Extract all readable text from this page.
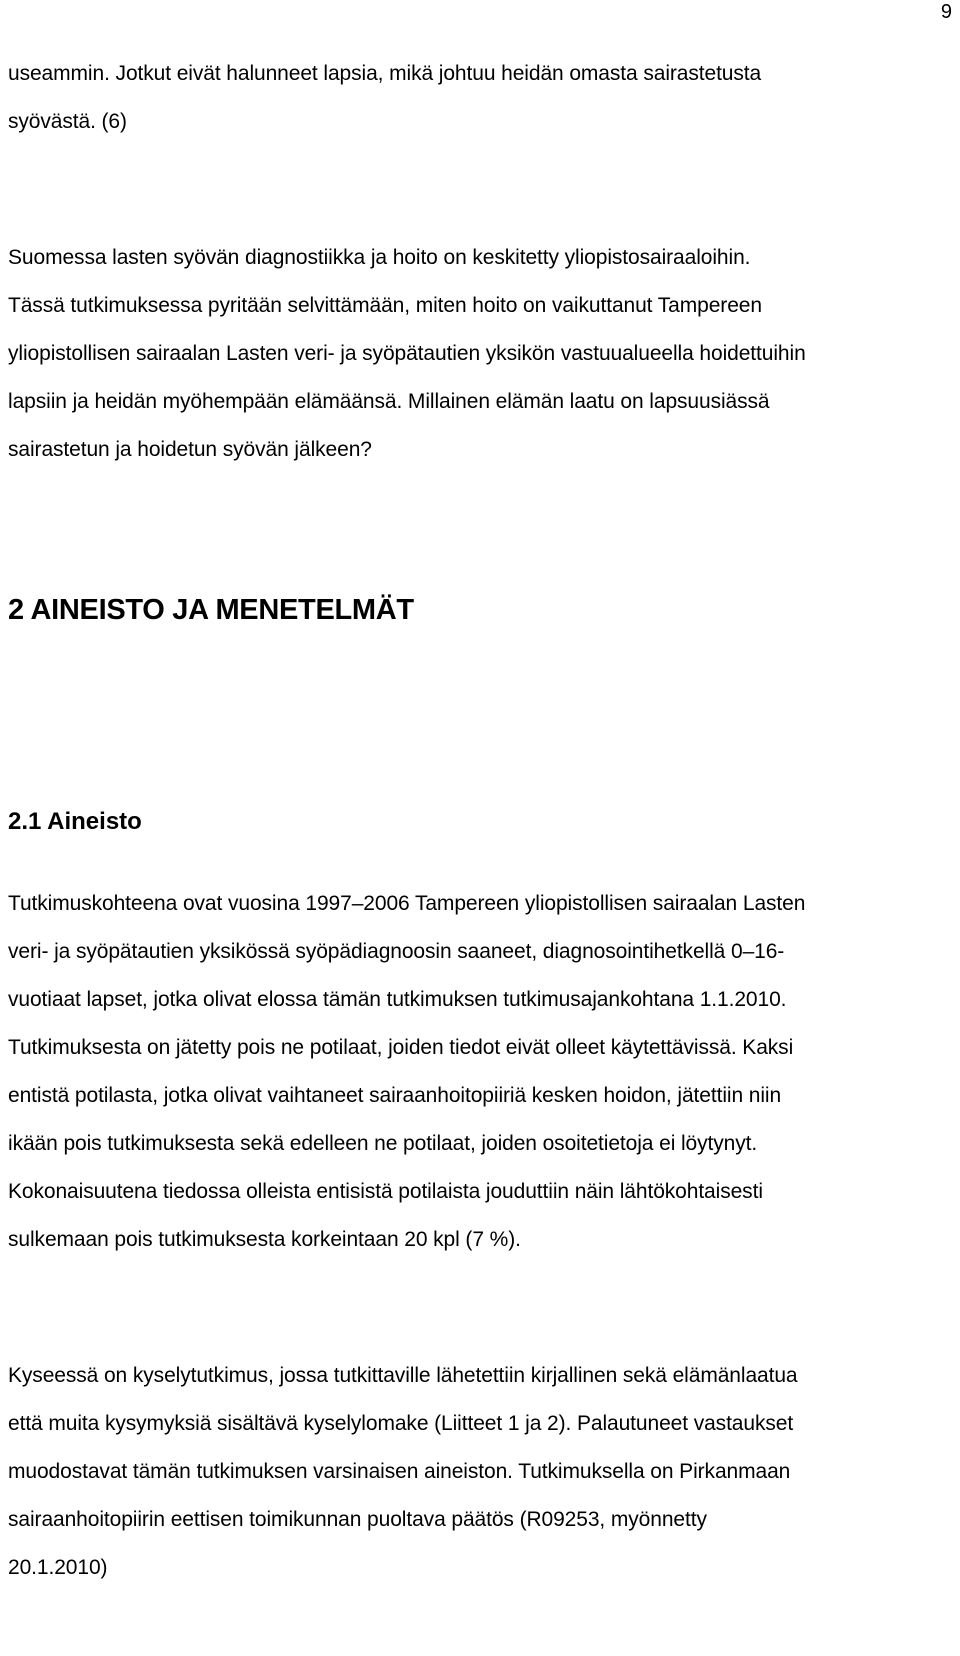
9

useammin. Jotkut eivät halunneet lapsia, mikä johtuu heidän omasta sairastetusta
syövästä. (6)

Suomessa lasten syövän diagnostiikka ja hoito on keskitetty yliopistosairaaloihin.
Tässä tutkimuksessa pyritään selvittämään, miten hoito on vaikuttanut Tampereen
yliopistollisen sairaalan Lasten veri- ja syöpätautien yksikön vastuualueella hoidettuihin
lapsiin ja heidän myöhempään elämäänsä. Millainen elämän laatu on lapsuusiässä
sairastetun ja hoidetun syövän jälkeen?

2 AINEISTO JA MENETELMÄT
2.1 Aineisto

Tutkimuskohteena ovat vuosina 1997–2006 Tampereen yliopistollisen sairaalan Lasten
veri- ja syöpätautien yksikössä syöpädiagnoosin saaneet, diagnosointihetkellä 0–16-
vuotiaat lapset, jotka olivat elossa tämän tutkimuksen tutkimusajankohtana 1.1.2010.
Tutkimuksesta on jätetty pois ne potilaat, joiden tiedot eivät olleet käytettävissä. Kaksi
entistä potilasta, jotka olivat vaihtaneet sairaanhoitopiiriä kesken hoidon, jätettiin niin
ikään pois tutkimuksesta sekä edelleen ne potilaat, joiden osoitetietoja ei löytynyt.
Kokonaisuutena tiedossa olleista entisistä potilaista jouduttiin näin lähtökohtaisesti
sulkemaan pois tutkimuksesta korkeintaan 20 kpl (7 %).

Kyseessä on kyselytutkimus, jossa tutkittaville lähetettiin kirjallinen sekä elämänlaatua
että muita kysymyksiä sisältävä kyselylomake (Liitteet 1 ja 2). Palautuneet vastaukset
muodostavat tämän tutkimuksen varsinaisen aineiston. Tutkimuksella on Pirkanmaan
sairaanhoitopiirin eettisen toimikunnan puoltava päätös (R09253, myönnetty
20.1.2010)
